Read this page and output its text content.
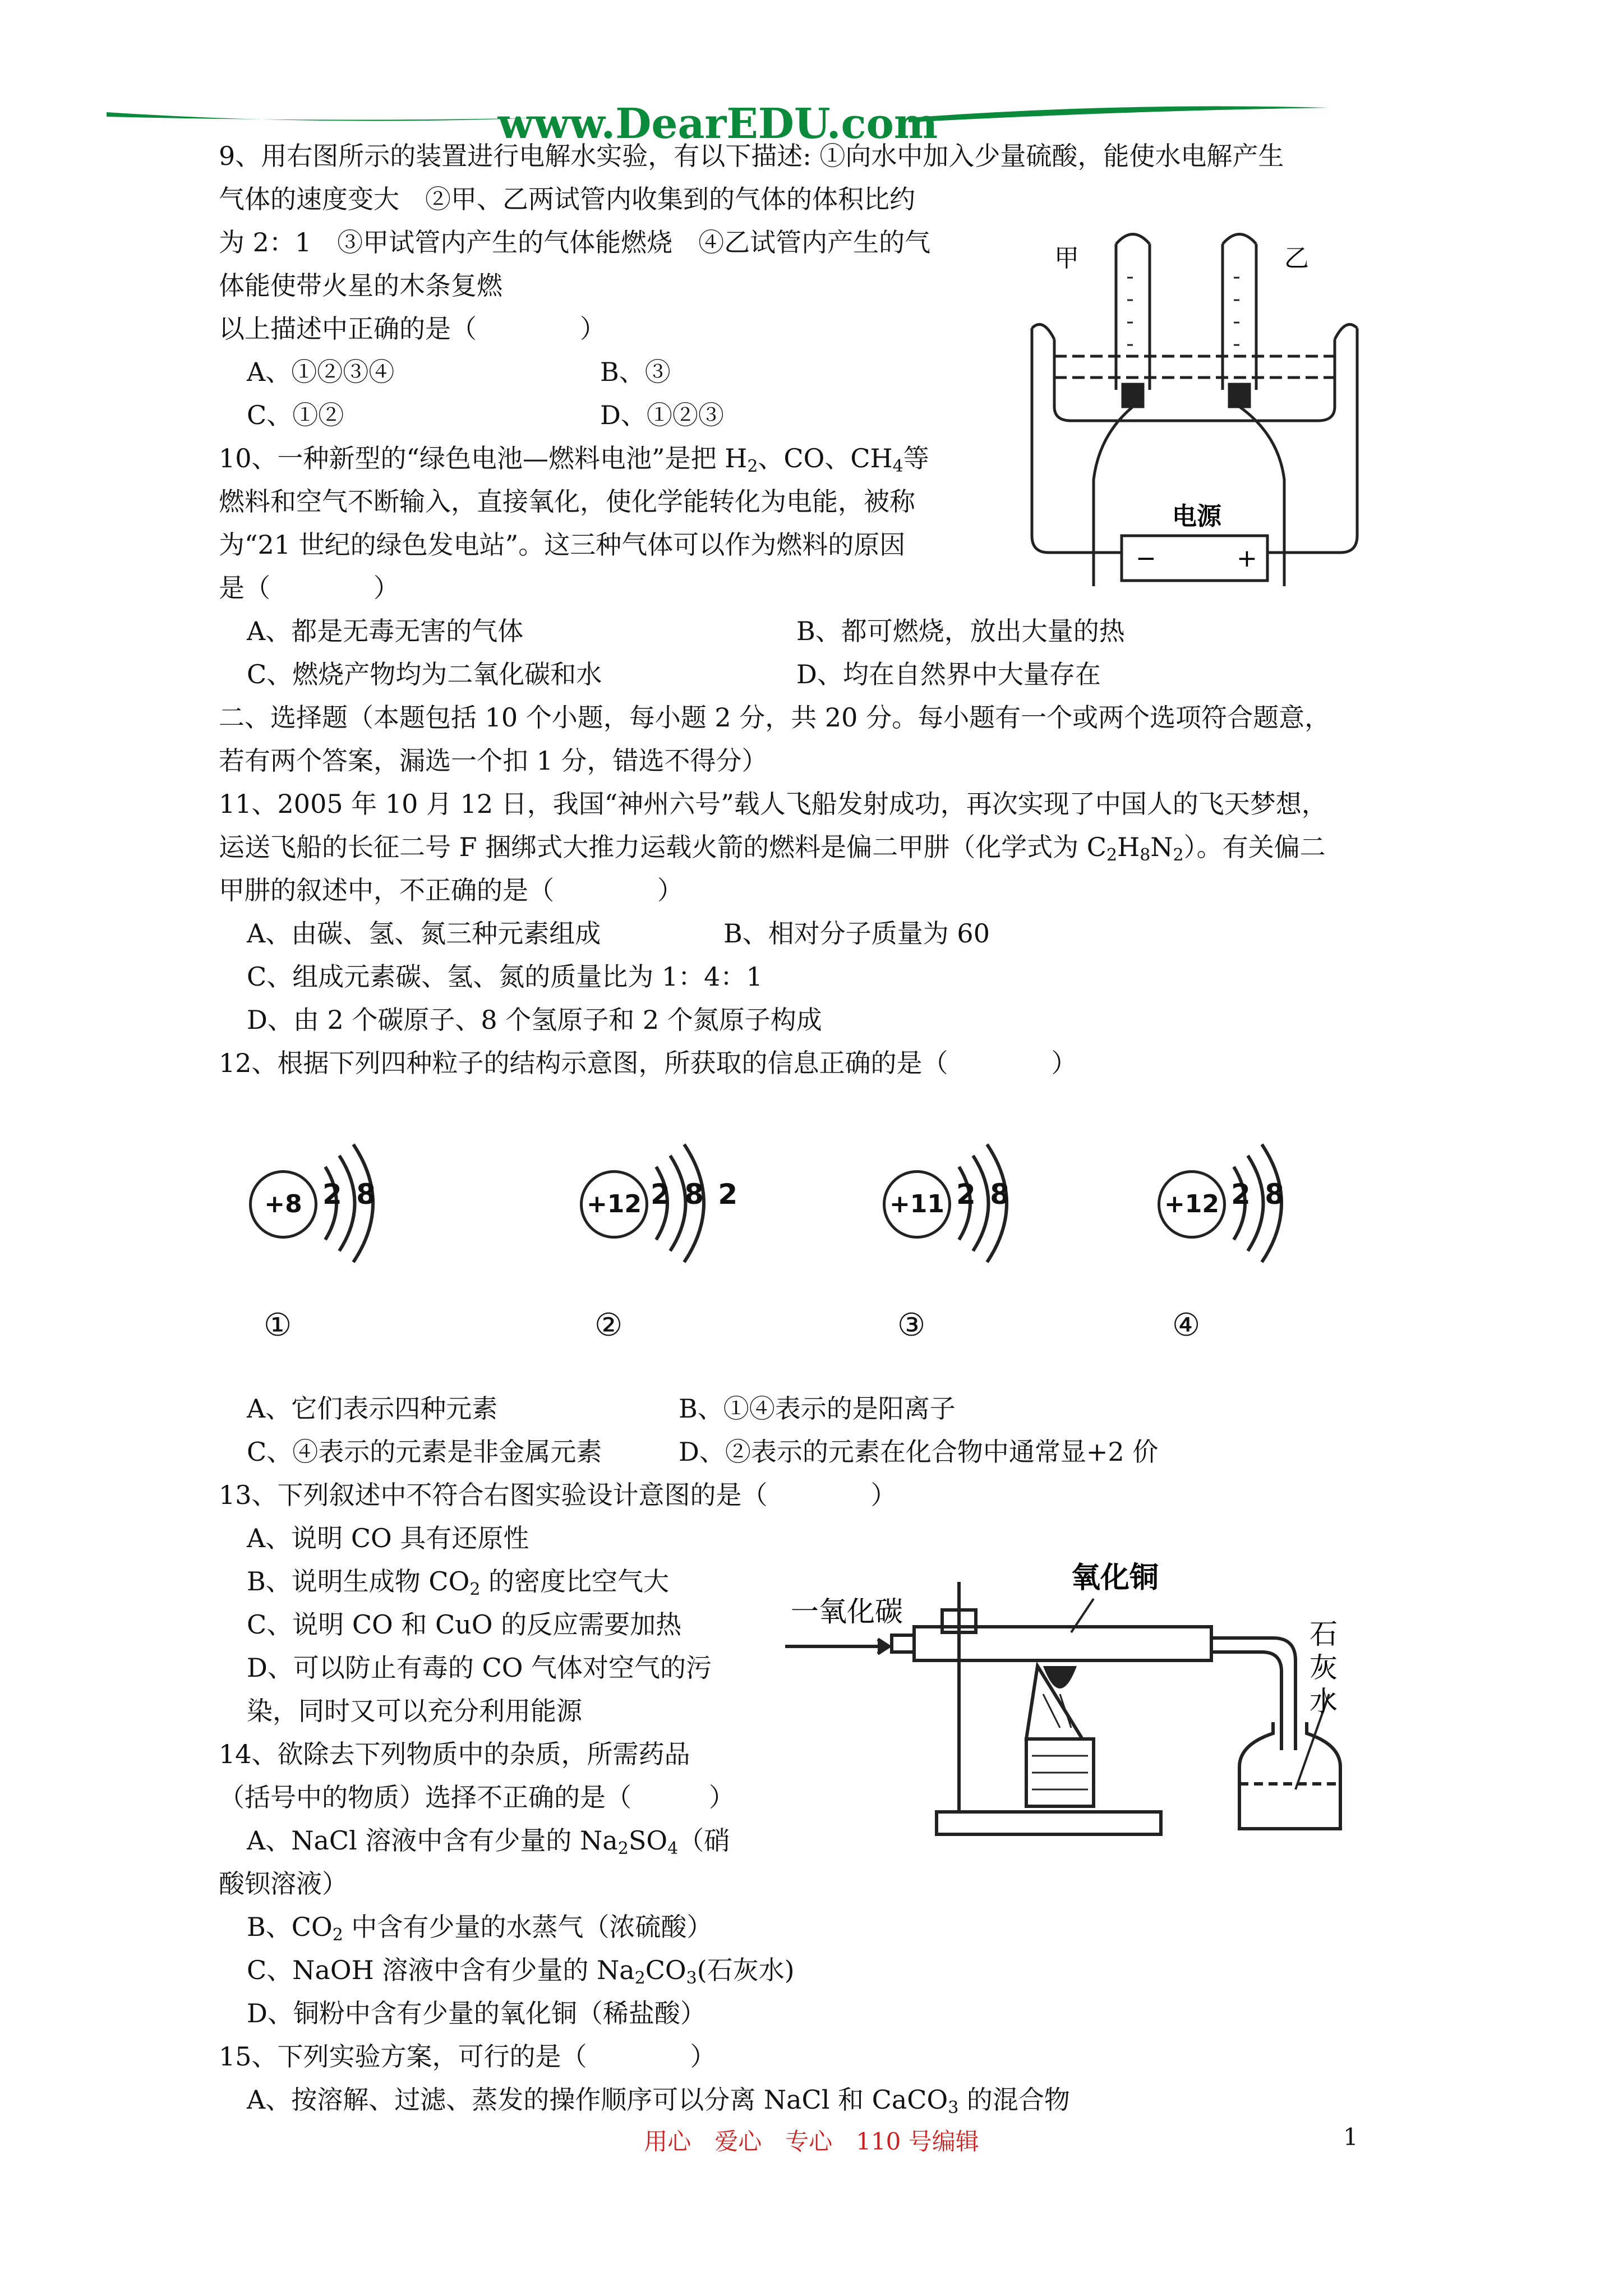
www.DearEDU.com
9、用右图所示的装置进行电解水实验，有以下描述: ①向水中加入少量硫酸，能使水电解产生
气体的速度变大　②甲、乙两试管内收集到的气体的体积比约
为 2：1　③甲试管内产生的气体能燃烧　④乙试管内产生的气
体能使带火星的木条复燃
以上描述中正确的是（　　　　）
A、①②③④	B、③
C、①②	D、①②③
10、一种新型的“绿色电池—燃料电池”是把 $H_2$、CO、$CH_4$等
燃料和空气不断输入，直接氧化，使化学能转化为电能，被称
为“21 世纪的绿色发电站”。这三种气体可以作为燃料的原因
是（　　　　）
A、都是无毒无害的气体	B、都可燃烧，放出大量的热
C、燃烧产物均为二氧化碳和水	D、均在自然界中大量存在
二、选择题（本题包括 10 个小题，每小题 2 分，共 20 分。每小题有一个或两个选项符合题意，
若有两个答案，漏选一个扣 1 分，错选不得分）
11、2005 年 10 月 12 日，我国“神州六号”载人飞船发射成功，再次实现了中国人的飞天梦想，
运送飞船的长征二号 F 捆绑式大推力运载火箭的燃料是偏二甲肼（化学式为 $C_2H_8N_2$）。有关偏二
甲肼的叙述中，不正确的是（　　　　）
A、由碳、氢、氮三种元素组成	B、相对分子质量为 60
C、组成元素碳、氢、氮的质量比为 1：4：1
D、由 2 个碳原子、8 个氢原子和 2 个氮原子构成
12、根据下列四种粒子的结构示意图，所获取的信息正确的是（　　　　）
A、它们表示四种元素	B、①④表示的是阳离子
C、④表示的元素是非金属元素	D、②表示的元素在化合物中通常显+2 价
13、下列叙述中不符合右图实验设计意图的是（　　　　）
A、说明 CO 具有还原性
B、说明生成物 $CO_2$ 的密度比空气大
C、说明 CO 和 CuO 的反应需要加热
D、可以防止有毒的 CO 气体对空气的污
染，同时又可以充分利用能源
14、欲除去下列物质中的杂质，所需药品
（括号中的物质）选择不正确的是（　　　）
A、NaCl 溶液中含有少量的 $Na_2SO_4$（硝
酸钡溶液）
B、$CO_2$ 中含有少量的水蒸气（浓硫酸）
C、NaOH 溶液中含有少量的 $Na_2CO_3$(石灰水)
D、铜粉中含有少量的氧化铜（稀盐酸）
15、下列实验方案，可行的是（　　　　）
A、按溶解、过滤、蒸发的操作顺序可以分离 NaCl 和 CaCO$_3$ 的混合物
甲	乙
电源
−	+
+8 2 8
①
+12 2 8 2
②
+11 2 8
③
+12 2 8
④
一氧化碳
氧化铜
石
灰
水
用心　爱心　专心　110 号编辑	1
